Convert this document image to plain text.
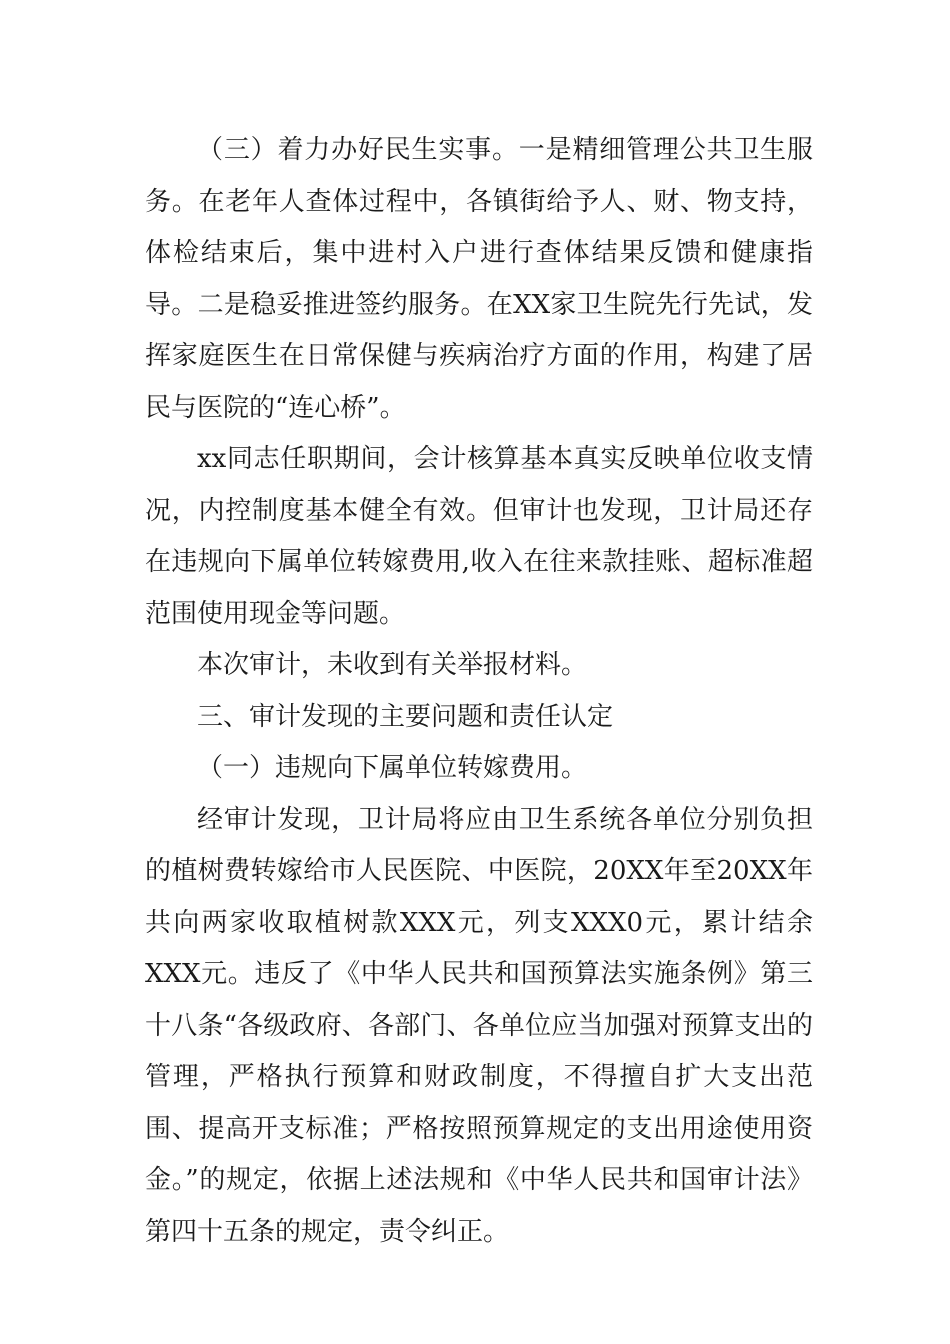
（三）着力办好民生实事。一是精细管理公共卫生服务。在老年人查体过程中，各镇街给予人、财、物支持，体检结束后，集中进村入户进行查体结果反馈和健康指导。二是稳妥推进签约服务。在XX家卫生院先行先试，发挥家庭医生在日常保健与疾病治疗方面的作用，构建了居民与医院的“连心桥”。

xx同志任职期间，会计核算基本真实反映单位收支情况，内控制度基本健全有效。但审计也发现，卫计局还存在违规向下属单位转嫁费用,收入在往来款挂账、超标准超范围使用现金等问题。

本次审计，未收到有关举报材料。

三、审计发现的主要问题和责任认定

（一）违规向下属单位转嫁费用。

经审计发现，卫计局将应由卫生系统各单位分别负担的植树费转嫁给市人民医院、中医院，20XX年至20XX年共向两家收取植树款XXX元，列支XXX0元，累计结余XXX元。违反了《中华人民共和国预算法实施条例》第三十八条“各级政府、各部门、各单位应当加强对预算支出的管理，严格执行预算和财政制度，不得擅自扩大支出范围、提高开支标准；严格按照预算规定的支出用途使用资金。”的规定，依据上述法规和《中华人民共和国审计法》第四十五条的规定，责令纠正。
